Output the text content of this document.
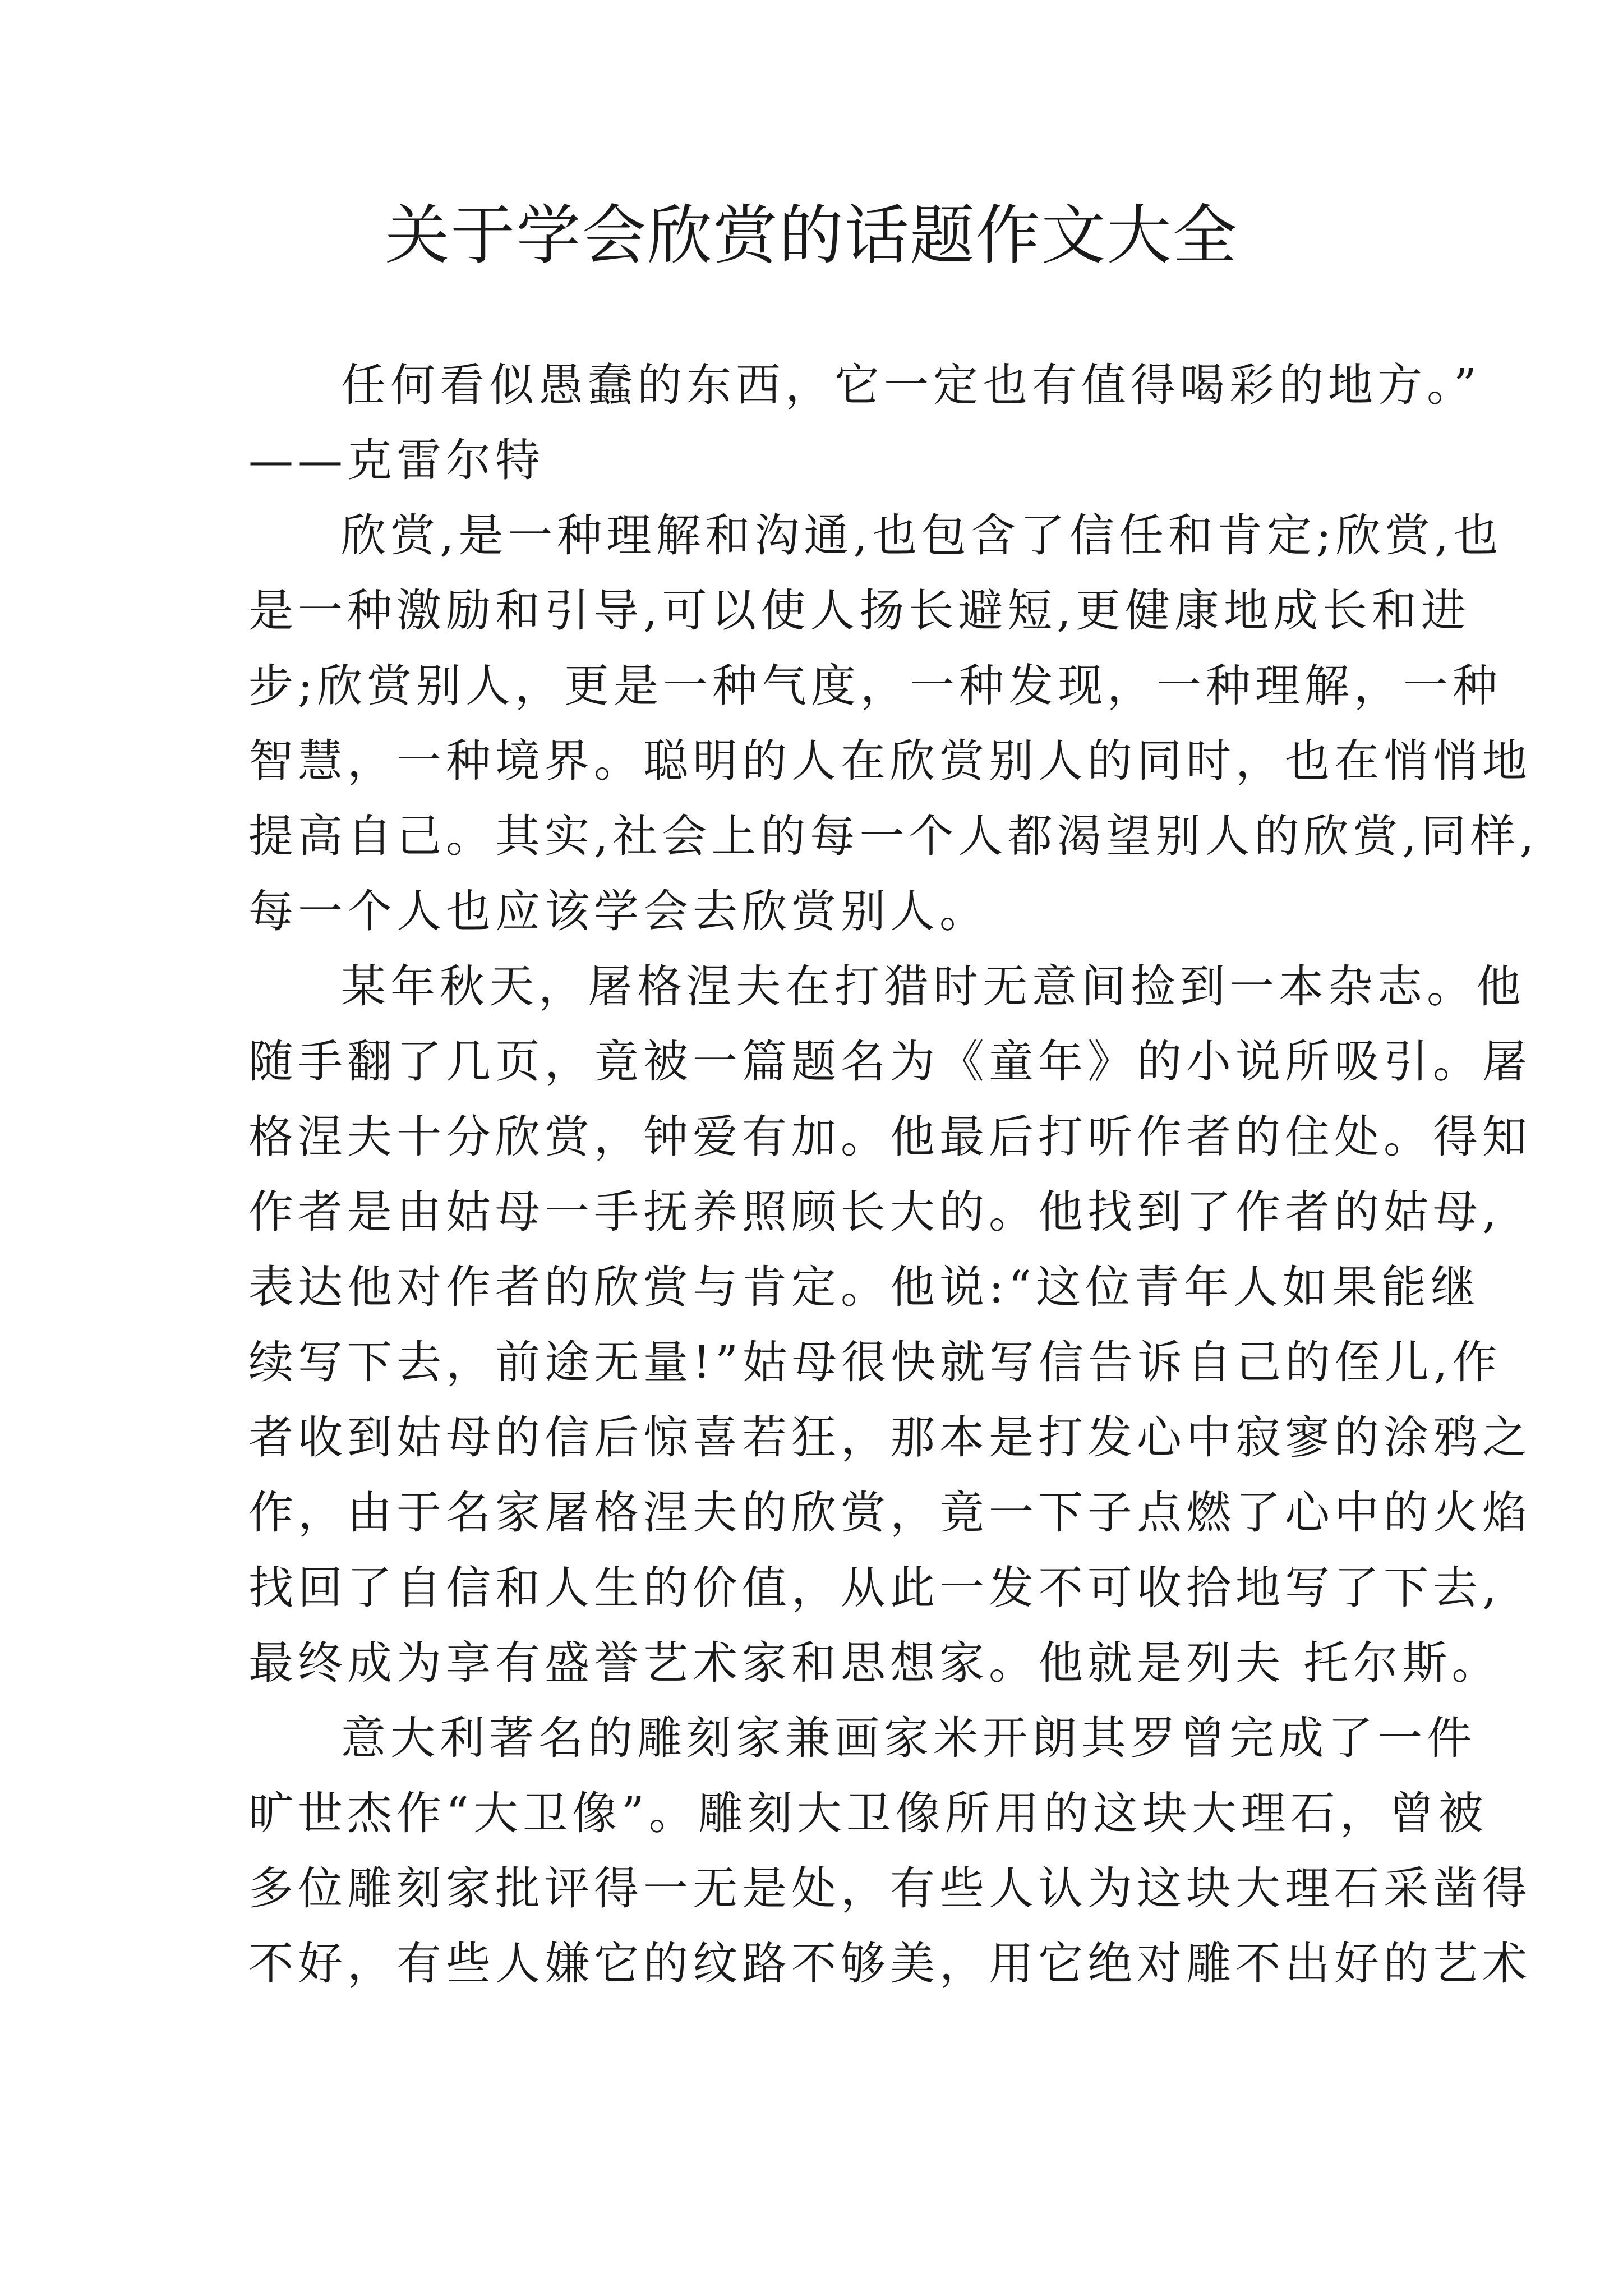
关于学会欣赏的话题作文大全
任何看似愚蠢的东西，它一定也有值得喝彩的地方。”
——克雷尔特
欣赏,是一种理解和沟通,也包含了信任和肯定;欣赏,也
是一种激励和引导,可以使人扬长避短,更健康地成长和进
步;欣赏别人，更是一种气度，一种发现，一种理解，一种
智慧，一种境界。聪明的人在欣赏别人的同时，也在悄悄地
提高自己。其实,社会上的每一个人都渴望别人的欣赏,同样,
每一个人也应该学会去欣赏别人。
某年秋天，屠格涅夫在打猎时无意间捡到一本杂志。他
随手翻了几页，竟被一篇题名为《童年》的小说所吸引。屠
格涅夫十分欣赏，钟爱有加。他最后打听作者的住处。得知
作者是由姑母一手抚养照顾长大的。他找到了作者的姑母,
表达他对作者的欣赏与肯定。他说:“这位青年人如果能继
续写下去，前途无量!”姑母很快就写信告诉自己的侄儿,作
者收到姑母的信后惊喜若狂，那本是打发心中寂寥的涂鸦之
作，由于名家屠格涅夫的欣赏，竟一下子点燃了心中的火焰
找回了自信和人生的价值，从此一发不可收拾地写了下去,
最终成为享有盛誉艺术家和思想家。他就是列夫 托尔斯。
意大利著名的雕刻家兼画家米开朗其罗曾完成了一件
旷世杰作“大卫像”。雕刻大卫像所用的这块大理石，曾被
多位雕刻家批评得一无是处，有些人认为这块大理石采凿得
不好，有些人嫌它的纹路不够美，用它绝对雕不出好的艺术
